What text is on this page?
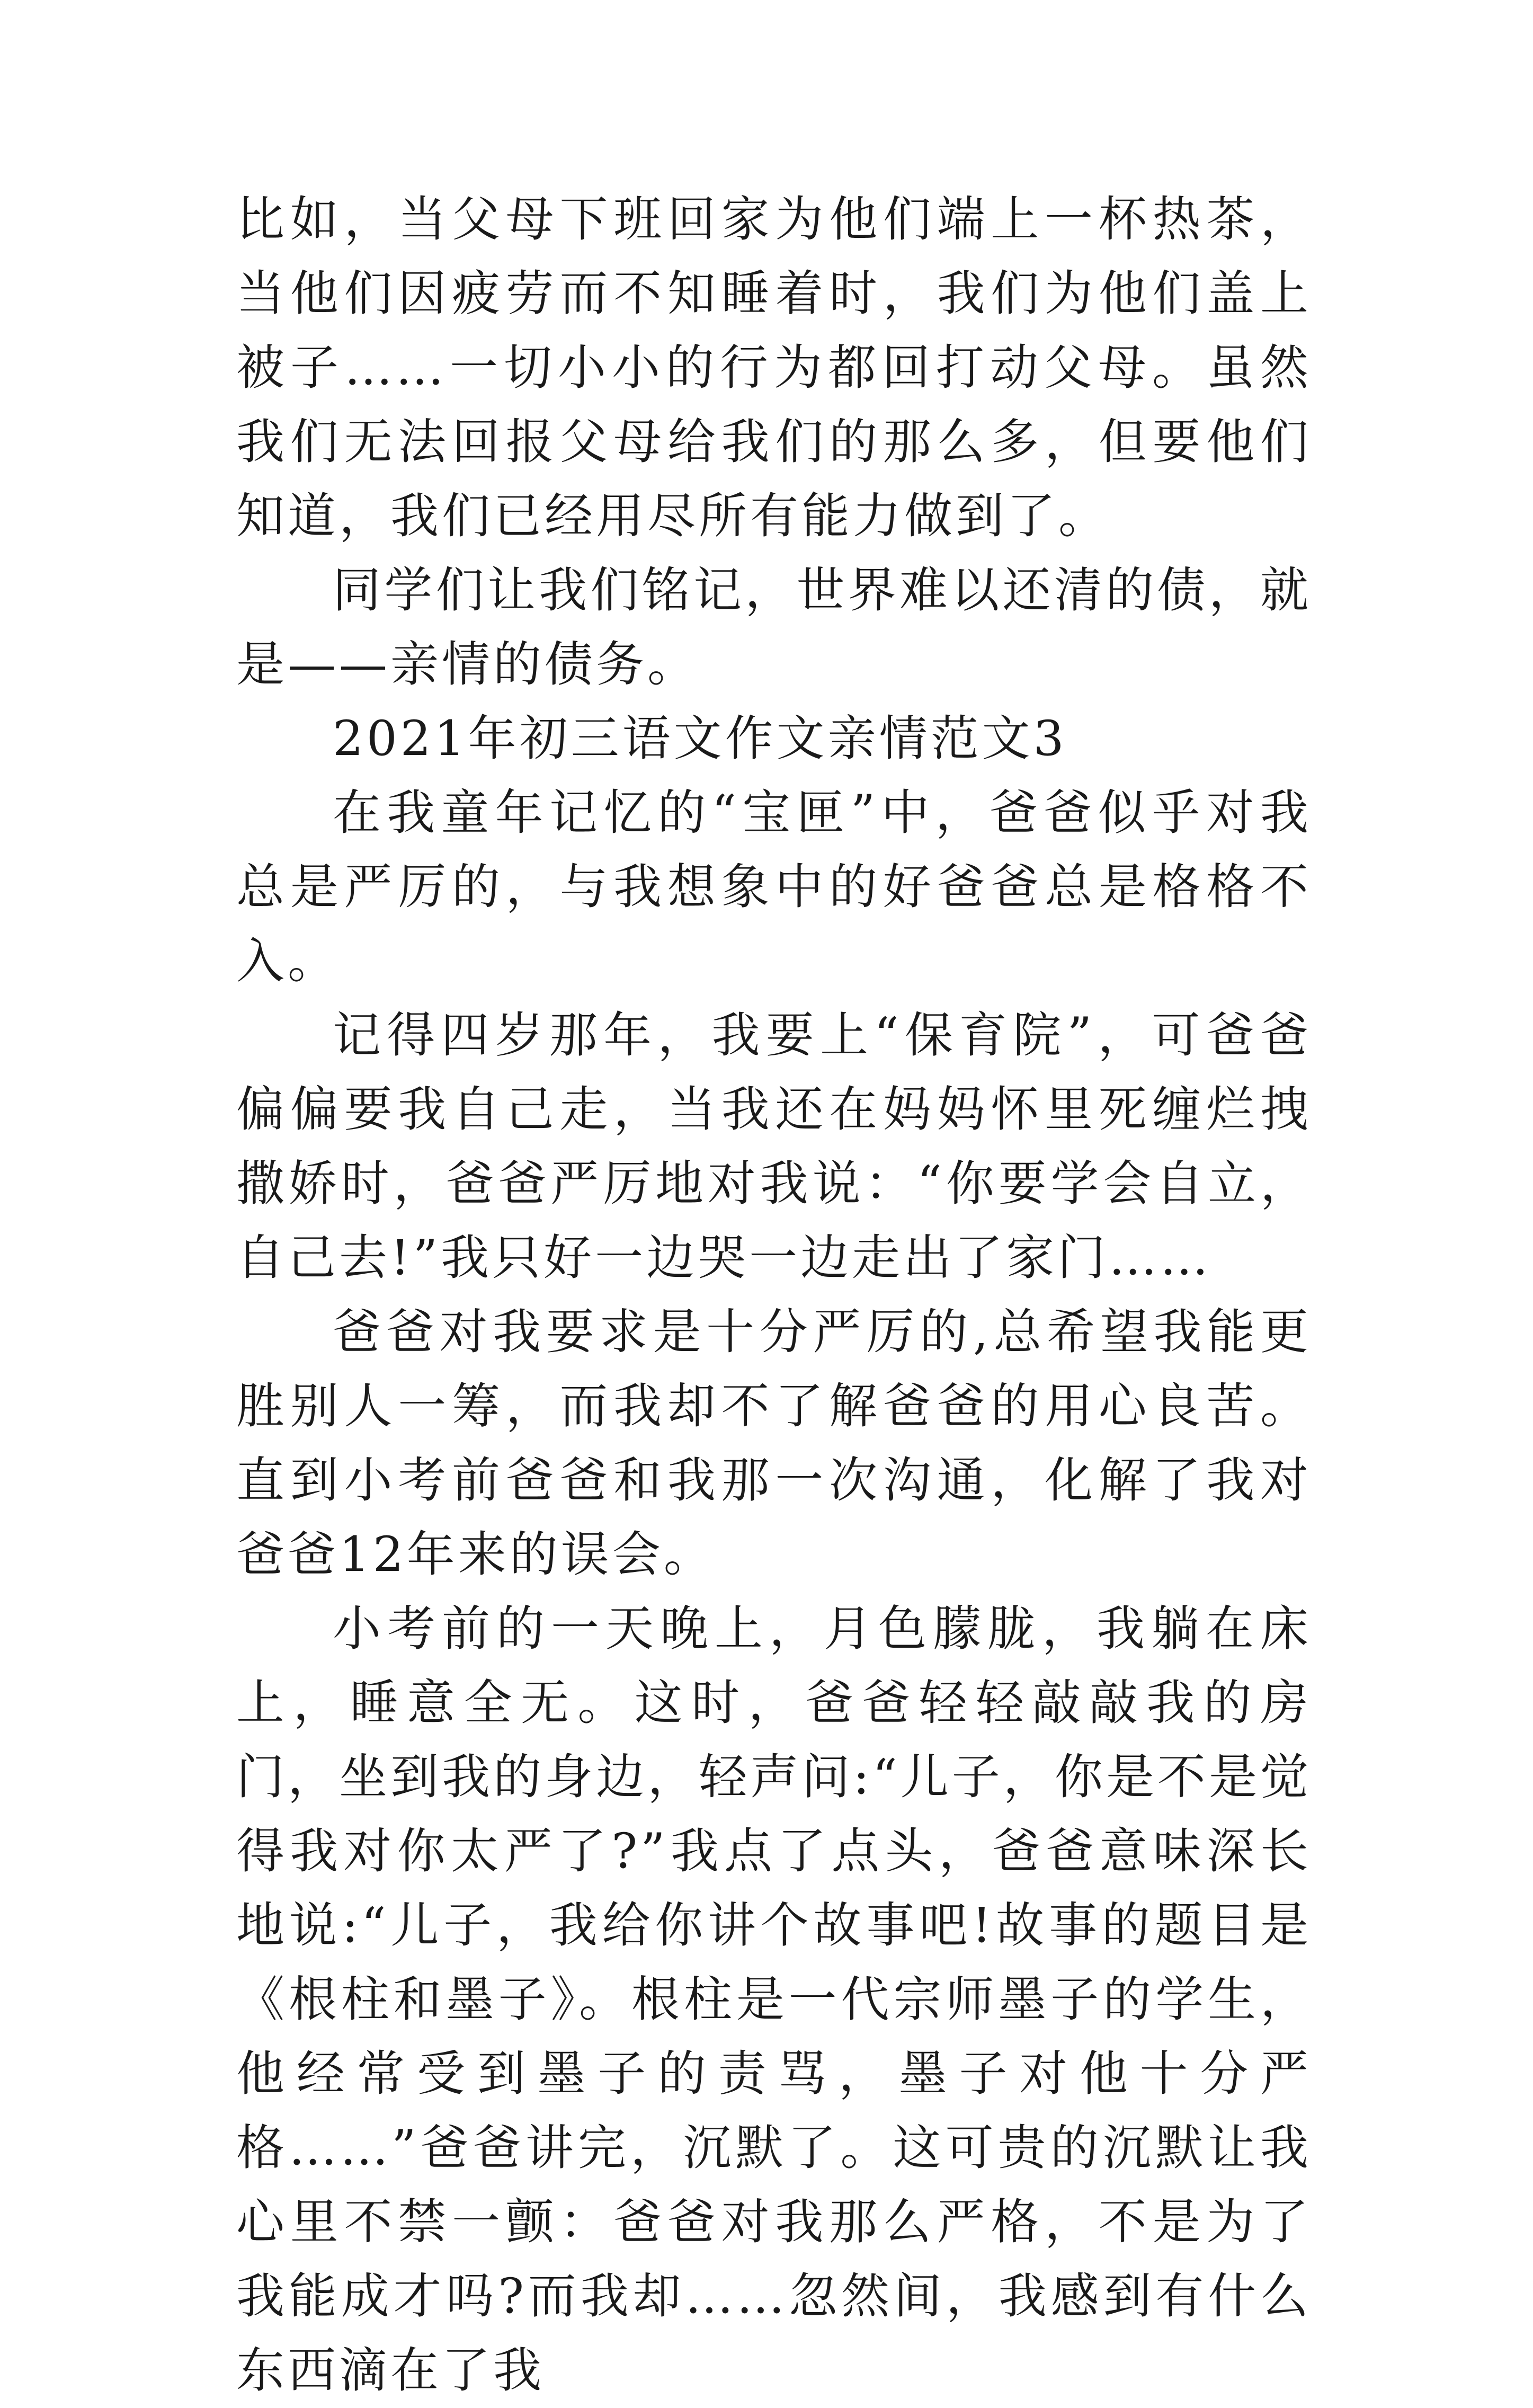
比如，当父母下班回家为他们端上一杯热茶，当他们因疲劳而不知睡着时，我们为他们盖上被子……一切小小的行为都回打动父母。虽然我们无法回报父母给我们的那么多，但要他们知道，我们已经用尽所有能力做到了。

同学们让我们铭记，世界难以还清的债，就是——亲情的债务。

2021年初三语文作文亲情范文3

在我童年记忆的“宝匣”中，爸爸似乎对我总是严厉的，与我想象中的好爸爸总是格格不入。

记得四岁那年，我要上“保育院”，可爸爸偏偏要我自己走，当我还在妈妈怀里死缠烂拽撒娇时，爸爸严厉地对我说：“你要学会自立，自己去!”我只好一边哭一边走出了家门……

爸爸对我要求是十分严厉的,总希望我能更胜别人一筹，而我却不了解爸爸的用心良苦。直到小考前爸爸和我那一次沟通，化解了我对爸爸12年来的误会。

小考前的一天晚上，月色朦胧，我躺在床上，睡意全无。这时，爸爸轻轻敲敲我的房门，坐到我的身边，轻声问:“儿子，你是不是觉得我对你太严了?”我点了点头，爸爸意味深长地说:“儿子，我给你讲个故事吧!故事的题目是《根柱和墨子》。根柱是一代宗师墨子的学生，他经常受到墨子的责骂，墨子对他十分严格……”爸爸讲完，沉默了。这可贵的沉默让我心里不禁一颤：爸爸对我那么严格，不是为了我能成才吗?而我却……忽然间，我感到有什么东西滴在了我
